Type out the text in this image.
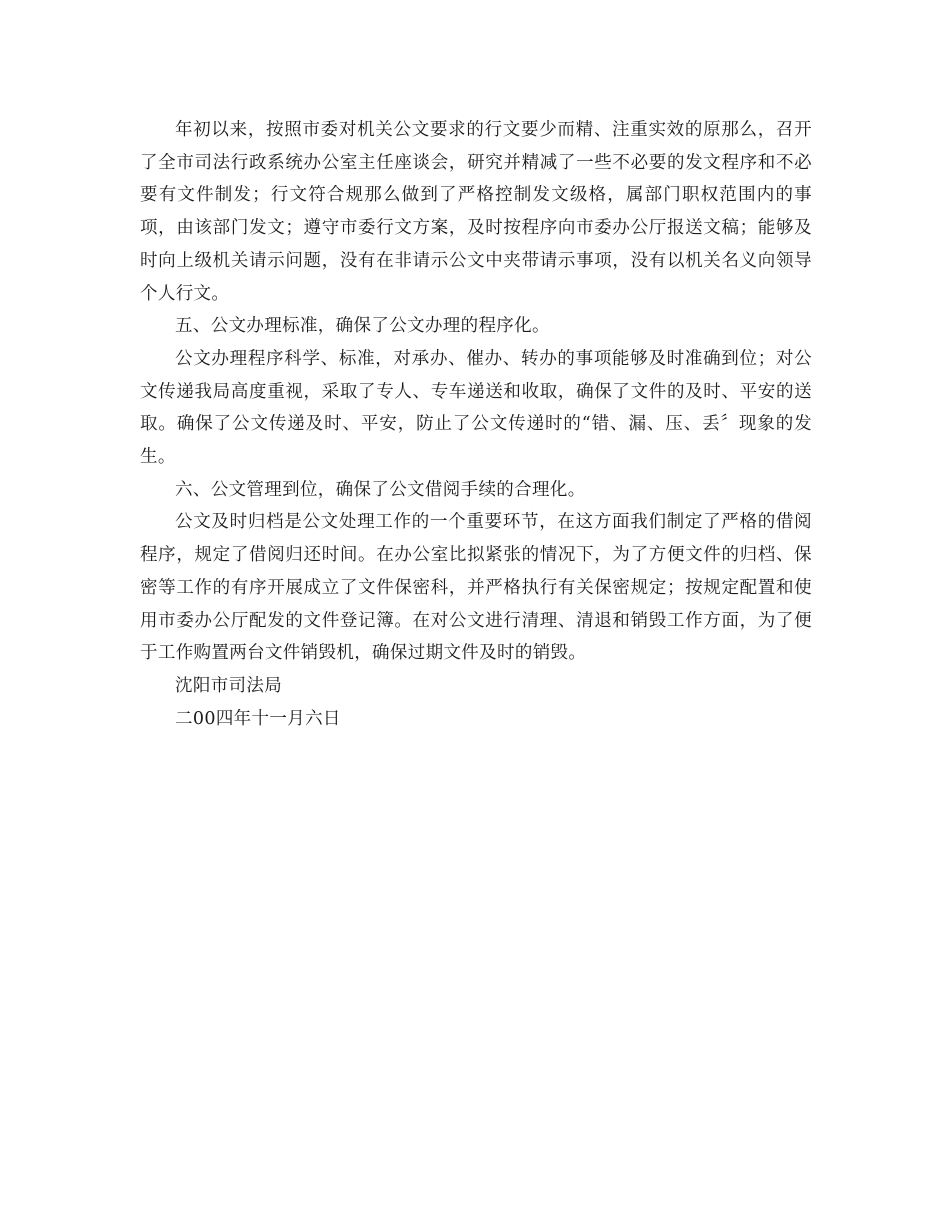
年初以来，按照市委对机关公文要求的行文要少而精、注重实效的原那么，召开了全市司法行政系统办公室主任座谈会，研究并精减了一些不必要的发文程序和不必要有文件制发；行文符合规那么做到了严格控制发文级格，属部门职权范围内的事项，由该部门发文；遵守市委行文方案，及时按程序向市委办公厅报送文稿；能够及时向上级机关请示问题，没有在非请示公文中夹带请示事项，没有以机关名义向领导个人行文。

五、公文办理标准，确保了公文办理的程序化。

公文办理程序科学、标准，对承办、催办、转办的事项能够及时准确到位；对公文传递我局高度重视，采取了专人、专车递送和收取，确保了文件的及时、平安的送取。确保了公文传递及时、平安，防止了公文传递时的“错、漏、压、丢〞现象的发生。

六、公文管理到位，确保了公文借阅手续的合理化。

公文及时归档是公文处理工作的一个重要环节，在这方面我们制定了严格的借阅程序，规定了借阅归还时间。在办公室比拟紧张的情况下，为了方便文件的归档、保密等工作的有序开展成立了文件保密科，并严格执行有关保密规定；按规定配置和使用市委办公厅配发的文件登记簿。在对公文进行清理、清退和销毁工作方面，为了便于工作购置两台文件销毁机，确保过期文件及时的销毁。

沈阳市司法局

二00四年十一月六日
